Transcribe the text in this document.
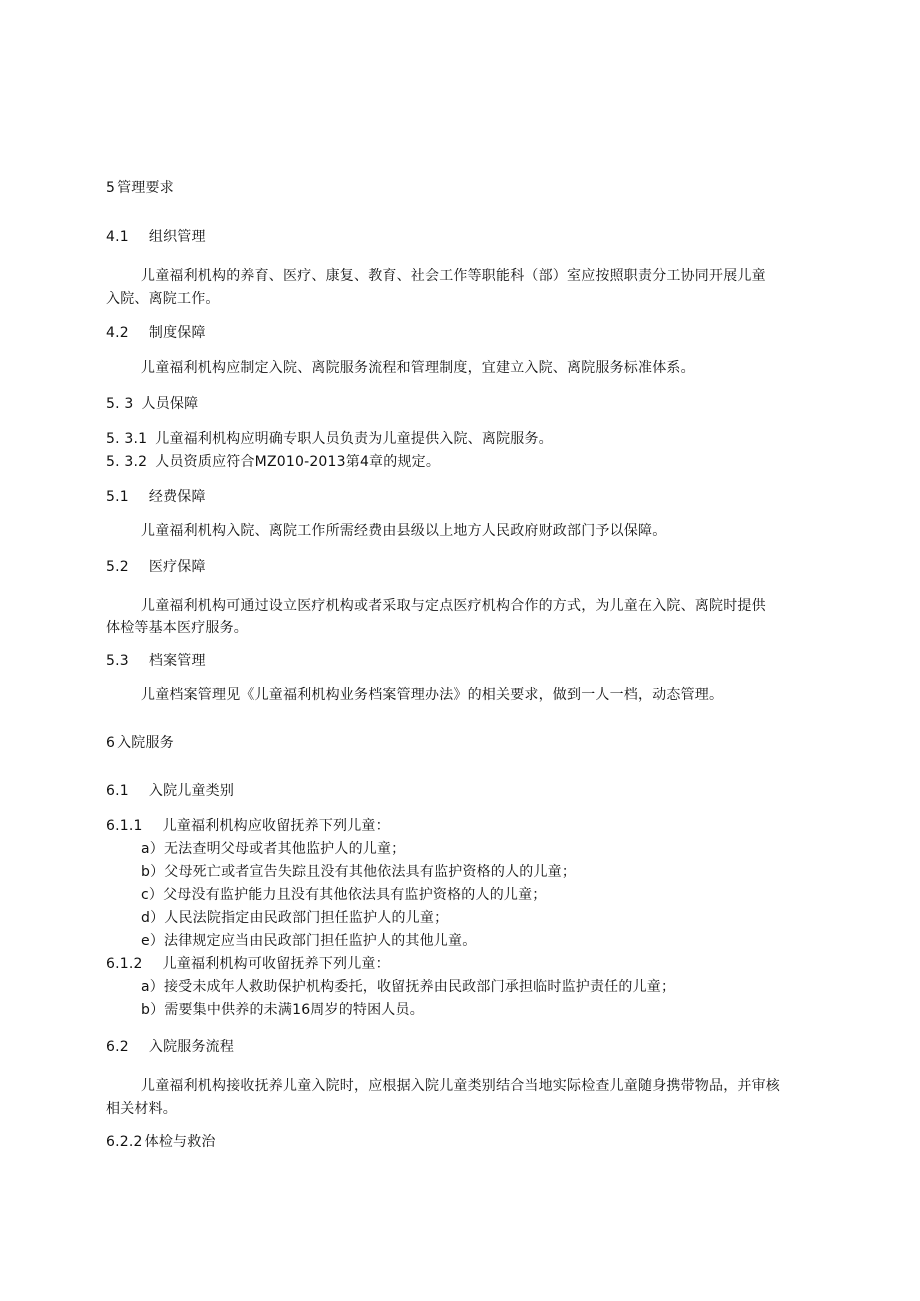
5 管理要求
4.1 组织管理
儿童福利机构的养育、医疗、康复、教育、社会工作等职能科（部）室应按照职责分工协同开展儿童
入院、离院工作。
4.2 制度保障
儿童福利机构应制定入院、离院服务流程和管理制度，宜建立入院、离院服务标准体系。
5. 3 人员保障
5. 3.1 儿童福利机构应明确专职人员负责为儿童提供入院、离院服务。
5. 3.2 人员资质应符合MZ010-2013第4章的规定。
5.1 经费保障
儿童福利机构入院、离院工作所需经费由县级以上地方人民政府财政部门予以保障。
5.2 医疗保障
儿童福利机构可通过设立医疗机构或者采取与定点医疗机构合作的方式，为儿童在入院、离院时提供
体检等基本医疗服务。
5.3 档案管理
儿童档案管理见《儿童福利机构业务档案管理办法》的相关要求，做到一人一档，动态管理。
6 入院服务
6.1 入院儿童类别
6.1.1 儿童福利机构应收留抚养下列儿童：
a）无法查明父母或者其他监护人的儿童；
b）父母死亡或者宣告失踪且没有其他依法具有监护资格的人的儿童；
c）父母没有监护能力且没有其他依法具有监护资格的人的儿童；
d）人民法院指定由民政部门担任监护人的儿童；
e）法律规定应当由民政部门担任监护人的其他儿童。
6.1.2 儿童福利机构可收留抚养下列儿童：
a）接受未成年人救助保护机构委托，收留抚养由民政部门承担临时监护责任的儿童；
b）需要集中供养的未满16周岁的特困人员。
6.2 入院服务流程
儿童福利机构接收抚养儿童入院时，应根据入院儿童类别结合当地实际检查儿童随身携带物品，并审核
相关材料。
6.2.2 体检与救治
